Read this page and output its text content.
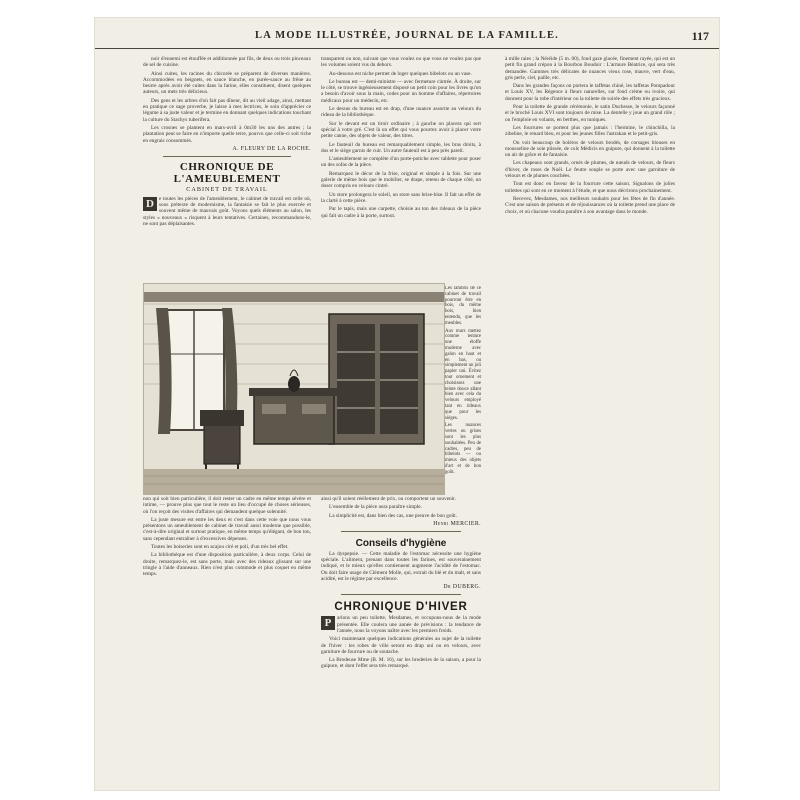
LA MODE ILLUSTRÉE, JOURNAL DE LA FAMILLE.	117

noir d'ennemi est étouffée et additionnée par fils, de deux ou trois pinceaux de sel de cuisine.

Ainsi cuites, les racines du chicorée se préparent de diverses manières. Accommodées en beignets, en sauce blanche, en purée-sauce au frêne au beurre après avoir été cuites dans la farine, elles constituent, disent quelques auteurs, un mets très délicieux.

Des gens et les arbres d'où fait pas dîneur, dit au vieil adage, ainsi, mettant en pratique ce sage proverbe, je laisse à mes lectrices, le soin d'apprécier ce légume à sa juste valeur et je termine en donnant quelques indications touchant la culture du Stachys tuberifera.

Les crosnes se plantent en mars-avril à 0m30 les uns des autres ; la plantation peut se faire en n'importe quelle terre, pourvu que celle-ci soit riche en engrais consommés.

A. FLEURY DE LA ROCHE.
CHRONIQUE DE L'AMEUBLEMENT
CABINET DE TRAVAIL

D e toutes les pièces de l'ameublement, le cabinet de travail est celle où, sous prétexte de modernisme, la fantaisie se fait le plus exercée et souvent même de mauvais goût. Voyons quels éléments au salon, les styles « nouveaux » risquent à leurs tentatives. Certaines, recommandons-le, ne sont pas déplaisantes.

transparent ou non, suivant que vous voulez ou que vous ne voulez pas que les volumes soient vus du dehors.

Au-dessous est niche permet de loger quelques bibelots ou un vase.

Le bureau est — demi-ministre — avec fermeture cintrée. À droite, sur le côté, se trouve ingénieusement disposé un petit coin pour les livres qu'on a besoin d'avoir sous la main, codes pour un homme d'affaires, répertoires médicaux pour un médecin, etc.

Le dessus du bureau est en drap, d'une nuance assortie au velours du rideau de la bibliothèque.

Sur le devant est un tiroir ordinaire ; à gauche on placera qui sert spécial à votre gré. C'est là un effet qui vous pourrez avoir à placer votre petite canne, des objets de valeur, des titres.

Le fauteuil du bureau est remarquablement simple, les bras droits, à dos et le siège garnis de cuir. Un autre fauteuil est à peu près pareil.

L'ameublement se complète d'un porte-potiche avec tablette pour poser un des sofas de la pièce.

Remarquez le décor de la frise, original et simple à la fois. Sur une galerie de même bois que le mobilier, se drape, retenu de chaque côté, un doser compris en velours cintré.

Un store prolongera le soleil, un store sans brise-bise. Il fait un effet de la clarté à cette pièce.

Par le tapis, mais une carpette, choisie au ton des rideaux de la pièce qui fait un cadre à la porte, surtout.

Les lambris de ce cabinet de travail pourront être en bois, du même bois, bien entendu, que les meubles.

Aux murs mettez comme tenture une étoffe moderne avec galon en haut et en bas, ou simplement un joli papier uni. Évitez tout ornement et choisissez une teinte douce allant bien avec cela du velours employé tant en rideaux que pour les sièges.

Les nuances vertes ou grises sont les plus souhaitées. Peu de cadres, peu de bibelots — ou mieux des objets d'art et de bon goût.

non qui soit bien particulière, il doit rester un cadre en même temps sévère et intime, — prouve plus que tout le reste un lieu d'occupé de choses sérieuses, où l'on reçoit des visites d'affaires qui demandent quelque solennité.

La juste mesure est entre les deux et c'est dans cette voie que nous vous présentons un ameublement de cabinet de travail aussi moderne que possible, c'est-à-dire original et surtout pratique, en même temps qu'élégant, de bon ton, sans cependant entraîner à d'excessives dépenses.

Toutes les boiseries sont en acajou ciré et poli, d'un très bel effet.

La bibliothèque est d'une disposition particulière, à deux corps. Celui de droite, remarquez-le, est sans porte, mais avec des rideaux glissant sur une tringle à l'aide d'anneaux. Rien n'est plus commode et plus coquet en même temps.

ainsi qu'il soient réellement de prix, ou comportent un souvenir.

L'ensemble de la pièce aura paraître simple.

La simplicité est, dans bien des cas, une preuve de bon goût.

Henri MERCIER.
Conseils d'hygiène

La dyspepsie. — Cette maladie de l'estomac nécessite une hygiène spéciale. L'aliment, prenant dans toutes les farines, est souverainement indiqué, et le mieux qu'elles contiennent augmente l'acidité de l'estomac. On doit faire usage de Clément Molle, qui, extrait du blé et du malt, et sans acidité, est le régime par excellence.

Dr DUBERG.
CHRONIQUE D'HIVER

P	arlons un peu toilette, Mesdames, et occupons-nous de la mode présentée. Elle coulera une année de prévisions : la tendance de l'année, nous la voyons naître avec les premiers froids.

Voici maintenant quelques indications générales au sujet de la toilette de l'hiver : les robes de ville seront en drap uni ou en velours, avec garniture de fourrure ou de soutache.

La Brodeuse Mme (B. M. 16), sur les broderies de la saison, a pour la guipure, et dont l'effet sera très remarqué.

à mille raies ; la Néréide (5 m. 00), fond gaze glacée, finement rayée, qui est un petit fin grand crépon à la Bourbon Boudoir : L'armure Béatrice, qui sera très demandée. Gammes très délicates de nuances vieux rose, mauve, vert d'eau, gris perle, ciel, paille, etc.

Dans les grandes façons on portera le taffetas chiné, les taffetas Pompadour et Louis XV, les Régence à fleurs naturelles, sur fond crème ou ivoire, qui donnent pour la robe d'intérieur ou la toilette de soirée des effets très gracieux.

Pour la toilette de grande cérémonie, le satin Duchesse, le velours façonné et le broché Louis XVI sont toujours de mise. La dentelle y joue un grand rôle ; on l'emploie en volants, en berthes, en tuniques.

Les fourrures se portent plus que jamais : l'hermine, le chinchilla, la zibeline, le renard bleu, et pour les jeunes filles l'astrakan et le petit-gris.

On voit beaucoup de boléros de velours brodés, de corsages blouses en mousseline de soie plissée, de cols Médicis en guipure, qui donnent à la toilette un air de grâce et de fantaisie.

Les chapeaux sont grands, ornés de plumes, de nœuds de velours, de fleurs d'hiver, de roses de Noël. Le feutre souple se porte avec une garniture de velours et de plumes couchées.

Tout est donc en faveur de la fourrure cette saison. Signalons de jolies toilettes qui sont en ce moment à l'étude, et que nous décrirons prochainement.

Recevez, Mesdames, nos meilleurs souhaits pour les fêtes de fin d'année. C'est une saison de présents et de réjouissances où la toilette prend une place de choix, et où chacune voudra paraître à son avantage dans le monde.
